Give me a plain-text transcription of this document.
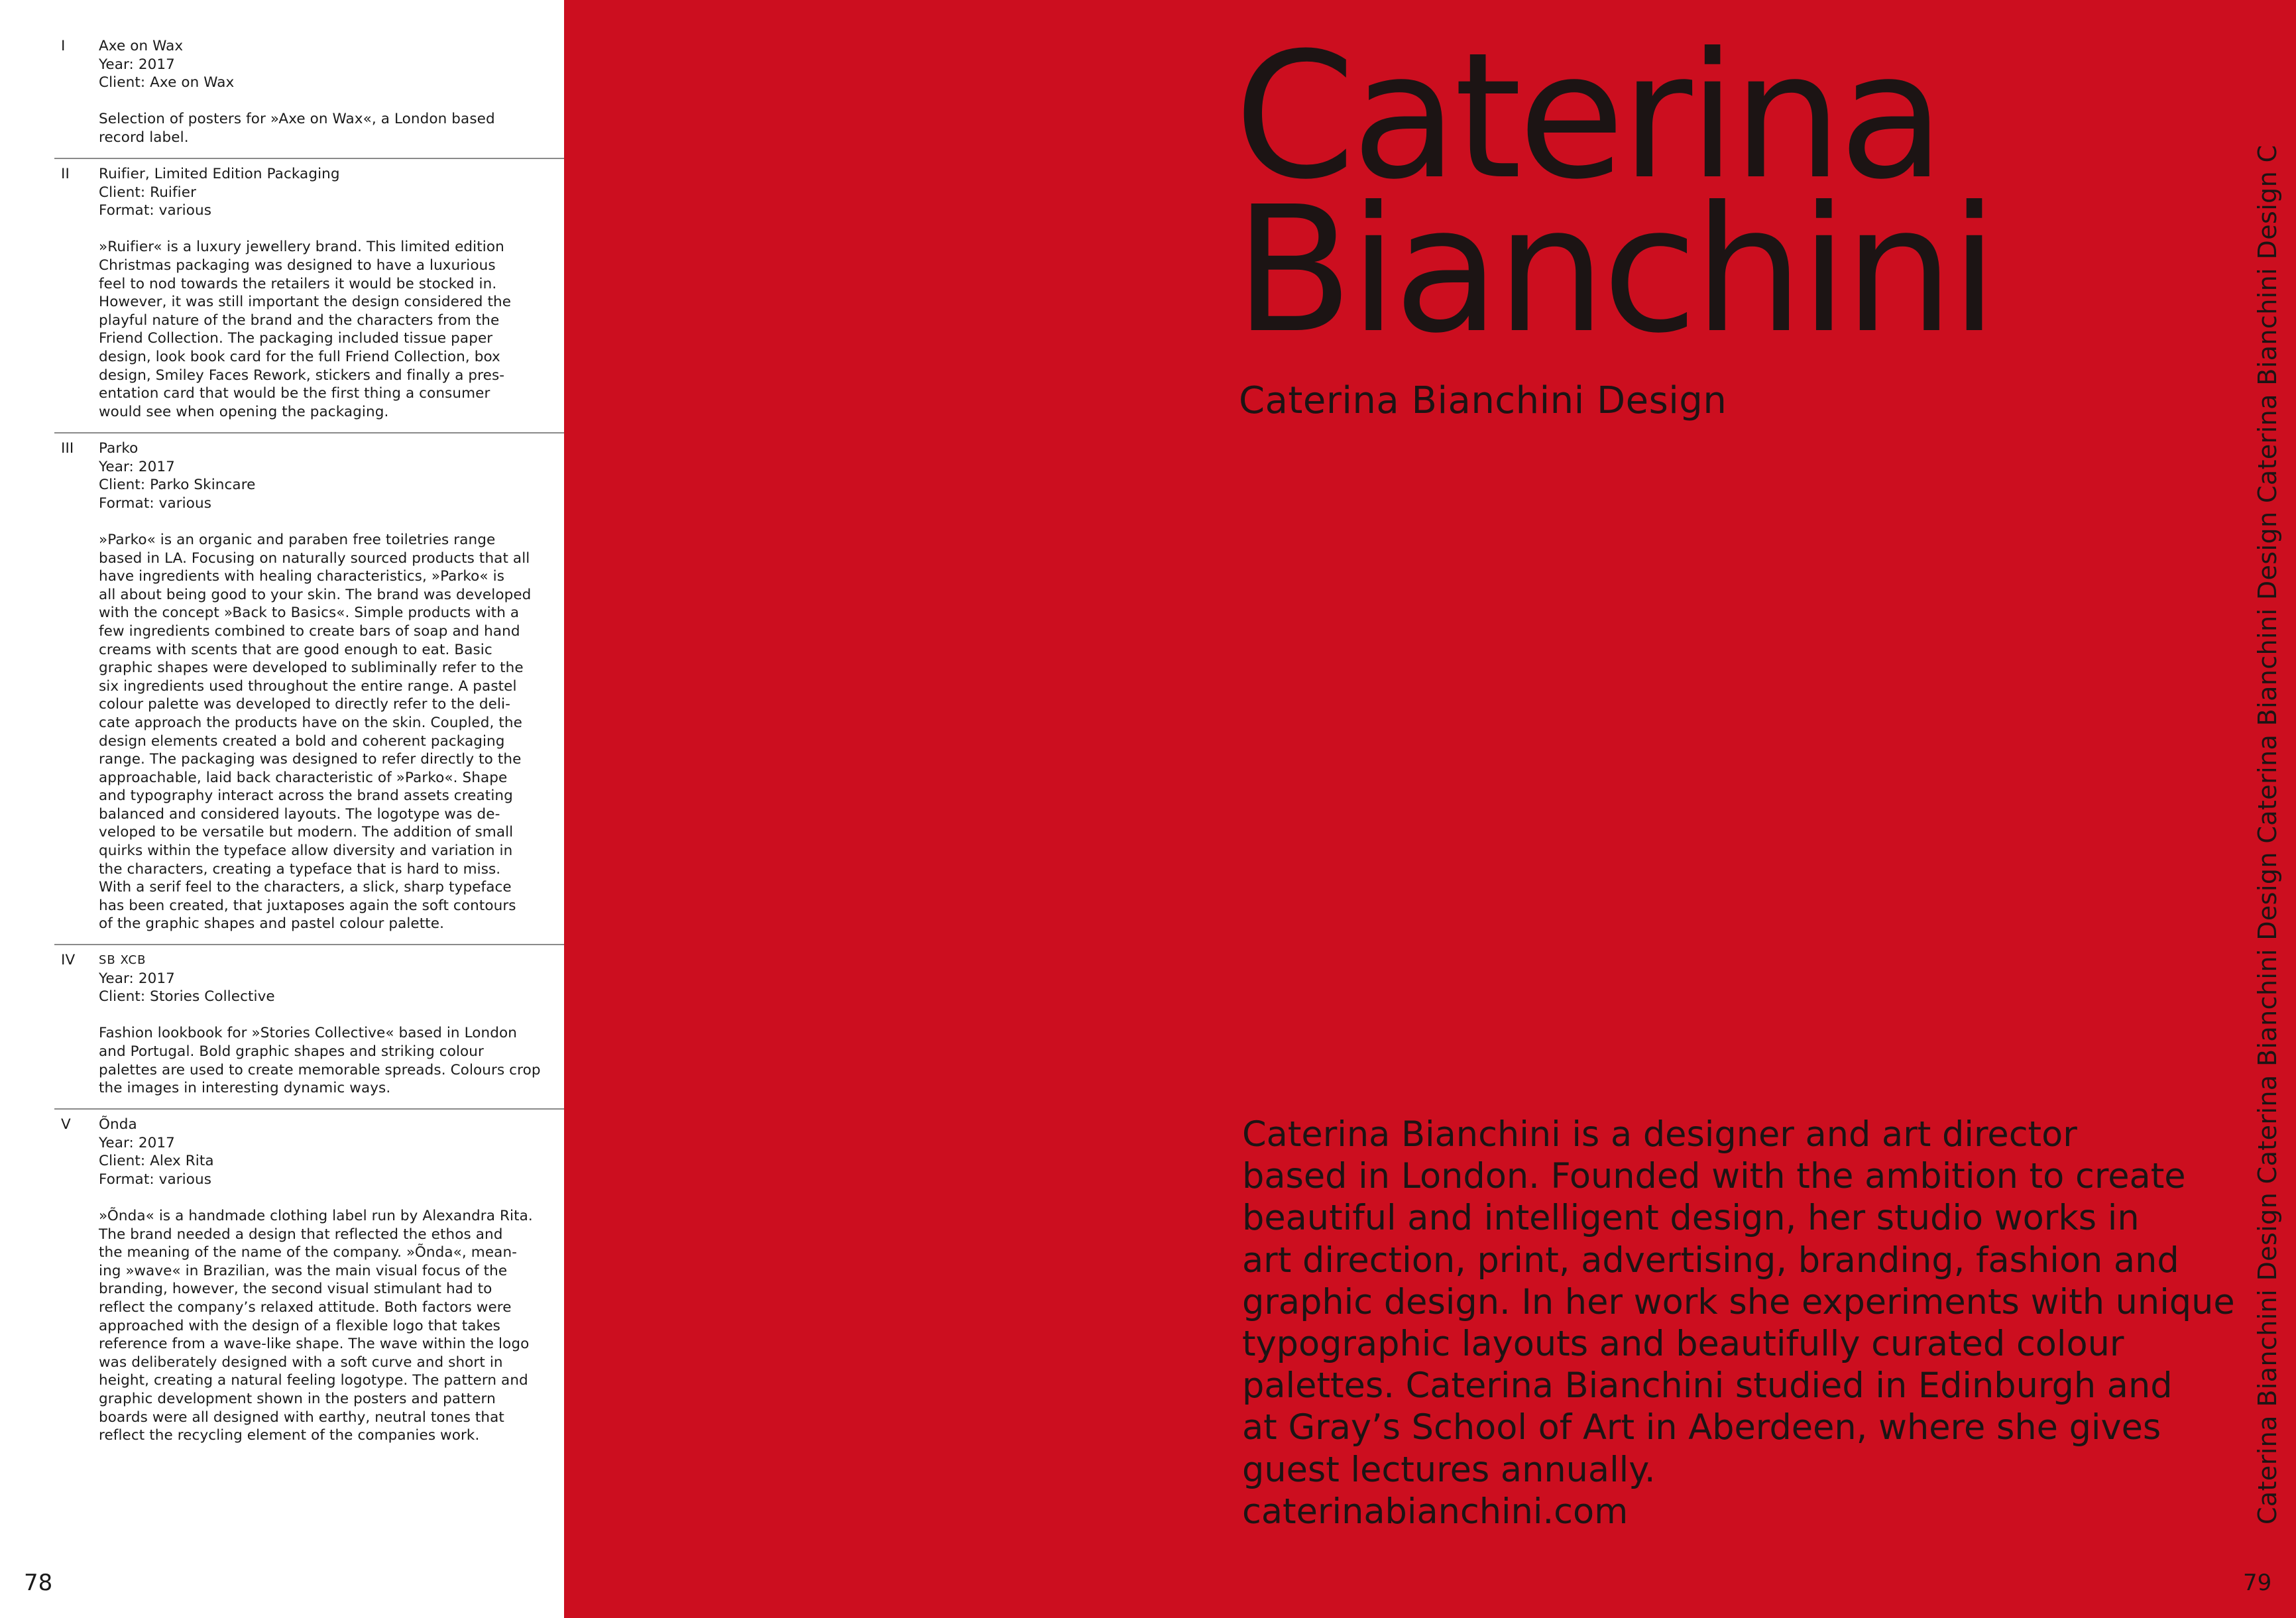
I	Axe on Wax
Year: 2017
Client: Axe on Wax
Selection of posters for »Axe on Wax«, a London based
record label.
II	Ruifier, Limited Edition Packaging
Client: Ruifier
Format: various
»Ruifier« is a luxury jewellery brand. This limited edition
Christmas packaging was designed to have a luxurious
feel to nod towards the retailers it would be stocked in.
However, it was still important the design considered the
playful nature of the brand and the characters from the
Friend Collection. The packaging included tissue paper
design, look book card for the full Friend Collection, box
design, Smiley Faces Rework, stickers and finally a pres-
entation card that would be the first thing a consumer
would see when opening the packaging.
III	Parko
Year: 2017
Client: Parko Skincare
Format: various
»Parko« is an organic and paraben free toiletries range
based in LA. Focusing on naturally sourced products that all
have ingredients with healing characteristics, »Parko« is
all about being good to your skin. The brand was developed
with the concept »Back to Basics«. Simple products with a
few ingredients combined to create bars of soap and hand
creams with scents that are good enough to eat. Basic
graphic shapes were developed to subliminally refer to the
six ingredients used throughout the entire range. A pastel
colour palette was developed to directly refer to the deli-
cate approach the products have on the skin. Coupled, the
design elements created a bold and coherent packaging
range. The packaging was designed to refer directly to the
approachable, laid back characteristic of »Parko«. Shape
and typography interact across the brand assets creating
balanced and considered layouts. The logotype was de-
veloped to be versatile but modern. The addition of small
quirks within the typeface allow diversity and variation in
the characters, creating a typeface that is hard to miss.
With a serif feel to the characters, a slick, sharp typeface
has been created, that juxtaposes again the soft contours
of the graphic shapes and pastel colour palette.
IV	SB XCB
Year: 2017
Client: Stories Collective
Fashion lookbook for »Stories Collective« based in London
and Portugal. Bold graphic shapes and striking colour
palettes are used to create memorable spreads. Colours crop
the images in interesting dynamic ways.
V	Õnda
Year: 2017
Client: Alex Rita
Format: various
»Õnda« is a handmade clothing label run by Alexandra Rita.
The brand needed a design that reflected the ethos and
the meaning of the name of the company. »Õnda«, mean-
ing »wave« in Brazilian, was the main visual focus of the
branding, however, the second visual stimulant had to
reflect the company’s relaxed attitude. Both factors were
approached with the design of a flexible logo that takes
reference from a wave-like shape. The wave within the logo
was deliberately designed with a soft curve and short in
height, creating a natural feeling logotype. The pattern and
graphic development shown in the posters and pattern
boards were all designed with earthy, neutral tones that
reflect the recycling element of the companies work.
78
Caterina
Bianchini
Caterina Bianchini Design
Caterina Bianchini is a designer and art director
based in London. Founded with the ambition to create
beautiful and intelligent design, her studio works in
art direction, print, advertising, branding, fashion and
graphic design. In her work she experiments with unique
typographic layouts and beautifully curated colour
palettes. Caterina Bianchini studied in Edinburgh and
at Gray’s School of Art in Aberdeen, where she gives
guest lectures annually.
caterinabianchini.com	Caterina Bianchini Design Caterina Bianchini Design Caterina Bianchini Design Caterina Bianchini Design C
79
